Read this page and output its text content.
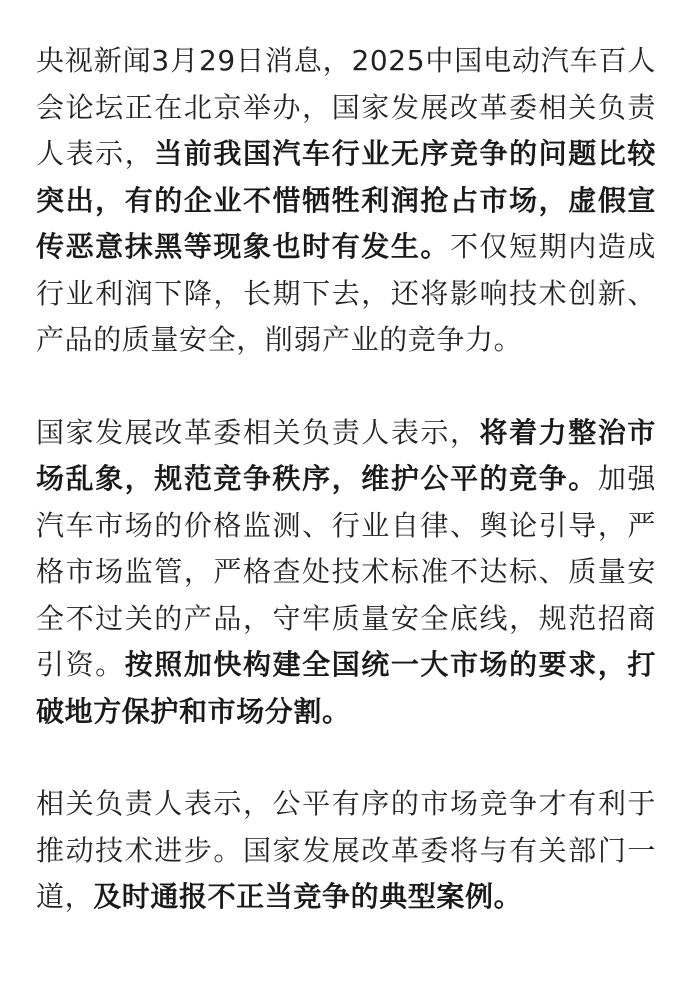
央视新闻3月29日消息，2025中国电动汽车百人会论坛正在北京举办，国家发展改革委相关负责人表示，当前我国汽车行业无序竞争的问题比较突出，有的企业不惜牺牲利润抢占市场，虚假宣传恶意抹黑等现象也时有发生。不仅短期内造成行业利润下降，长期下去，还将影响技术创新、产品的质量安全，削弱产业的竞争力。

国家发展改革委相关负责人表示，将着力整治市场乱象，规范竞争秩序，维护公平的竞争。加强汽车市场的价格监测、行业自律、舆论引导，严格市场监管，严格查处技术标准不达标、质量安全不过关的产品，守牢质量安全底线，规范招商引资。按照加快构建全国统一大市场的要求，打破地方保护和市场分割。

相关负责人表示，公平有序的市场竞争才有利于推动技术进步。国家发展改革委将与有关部门一道，及时通报不正当竞争的典型案例。
